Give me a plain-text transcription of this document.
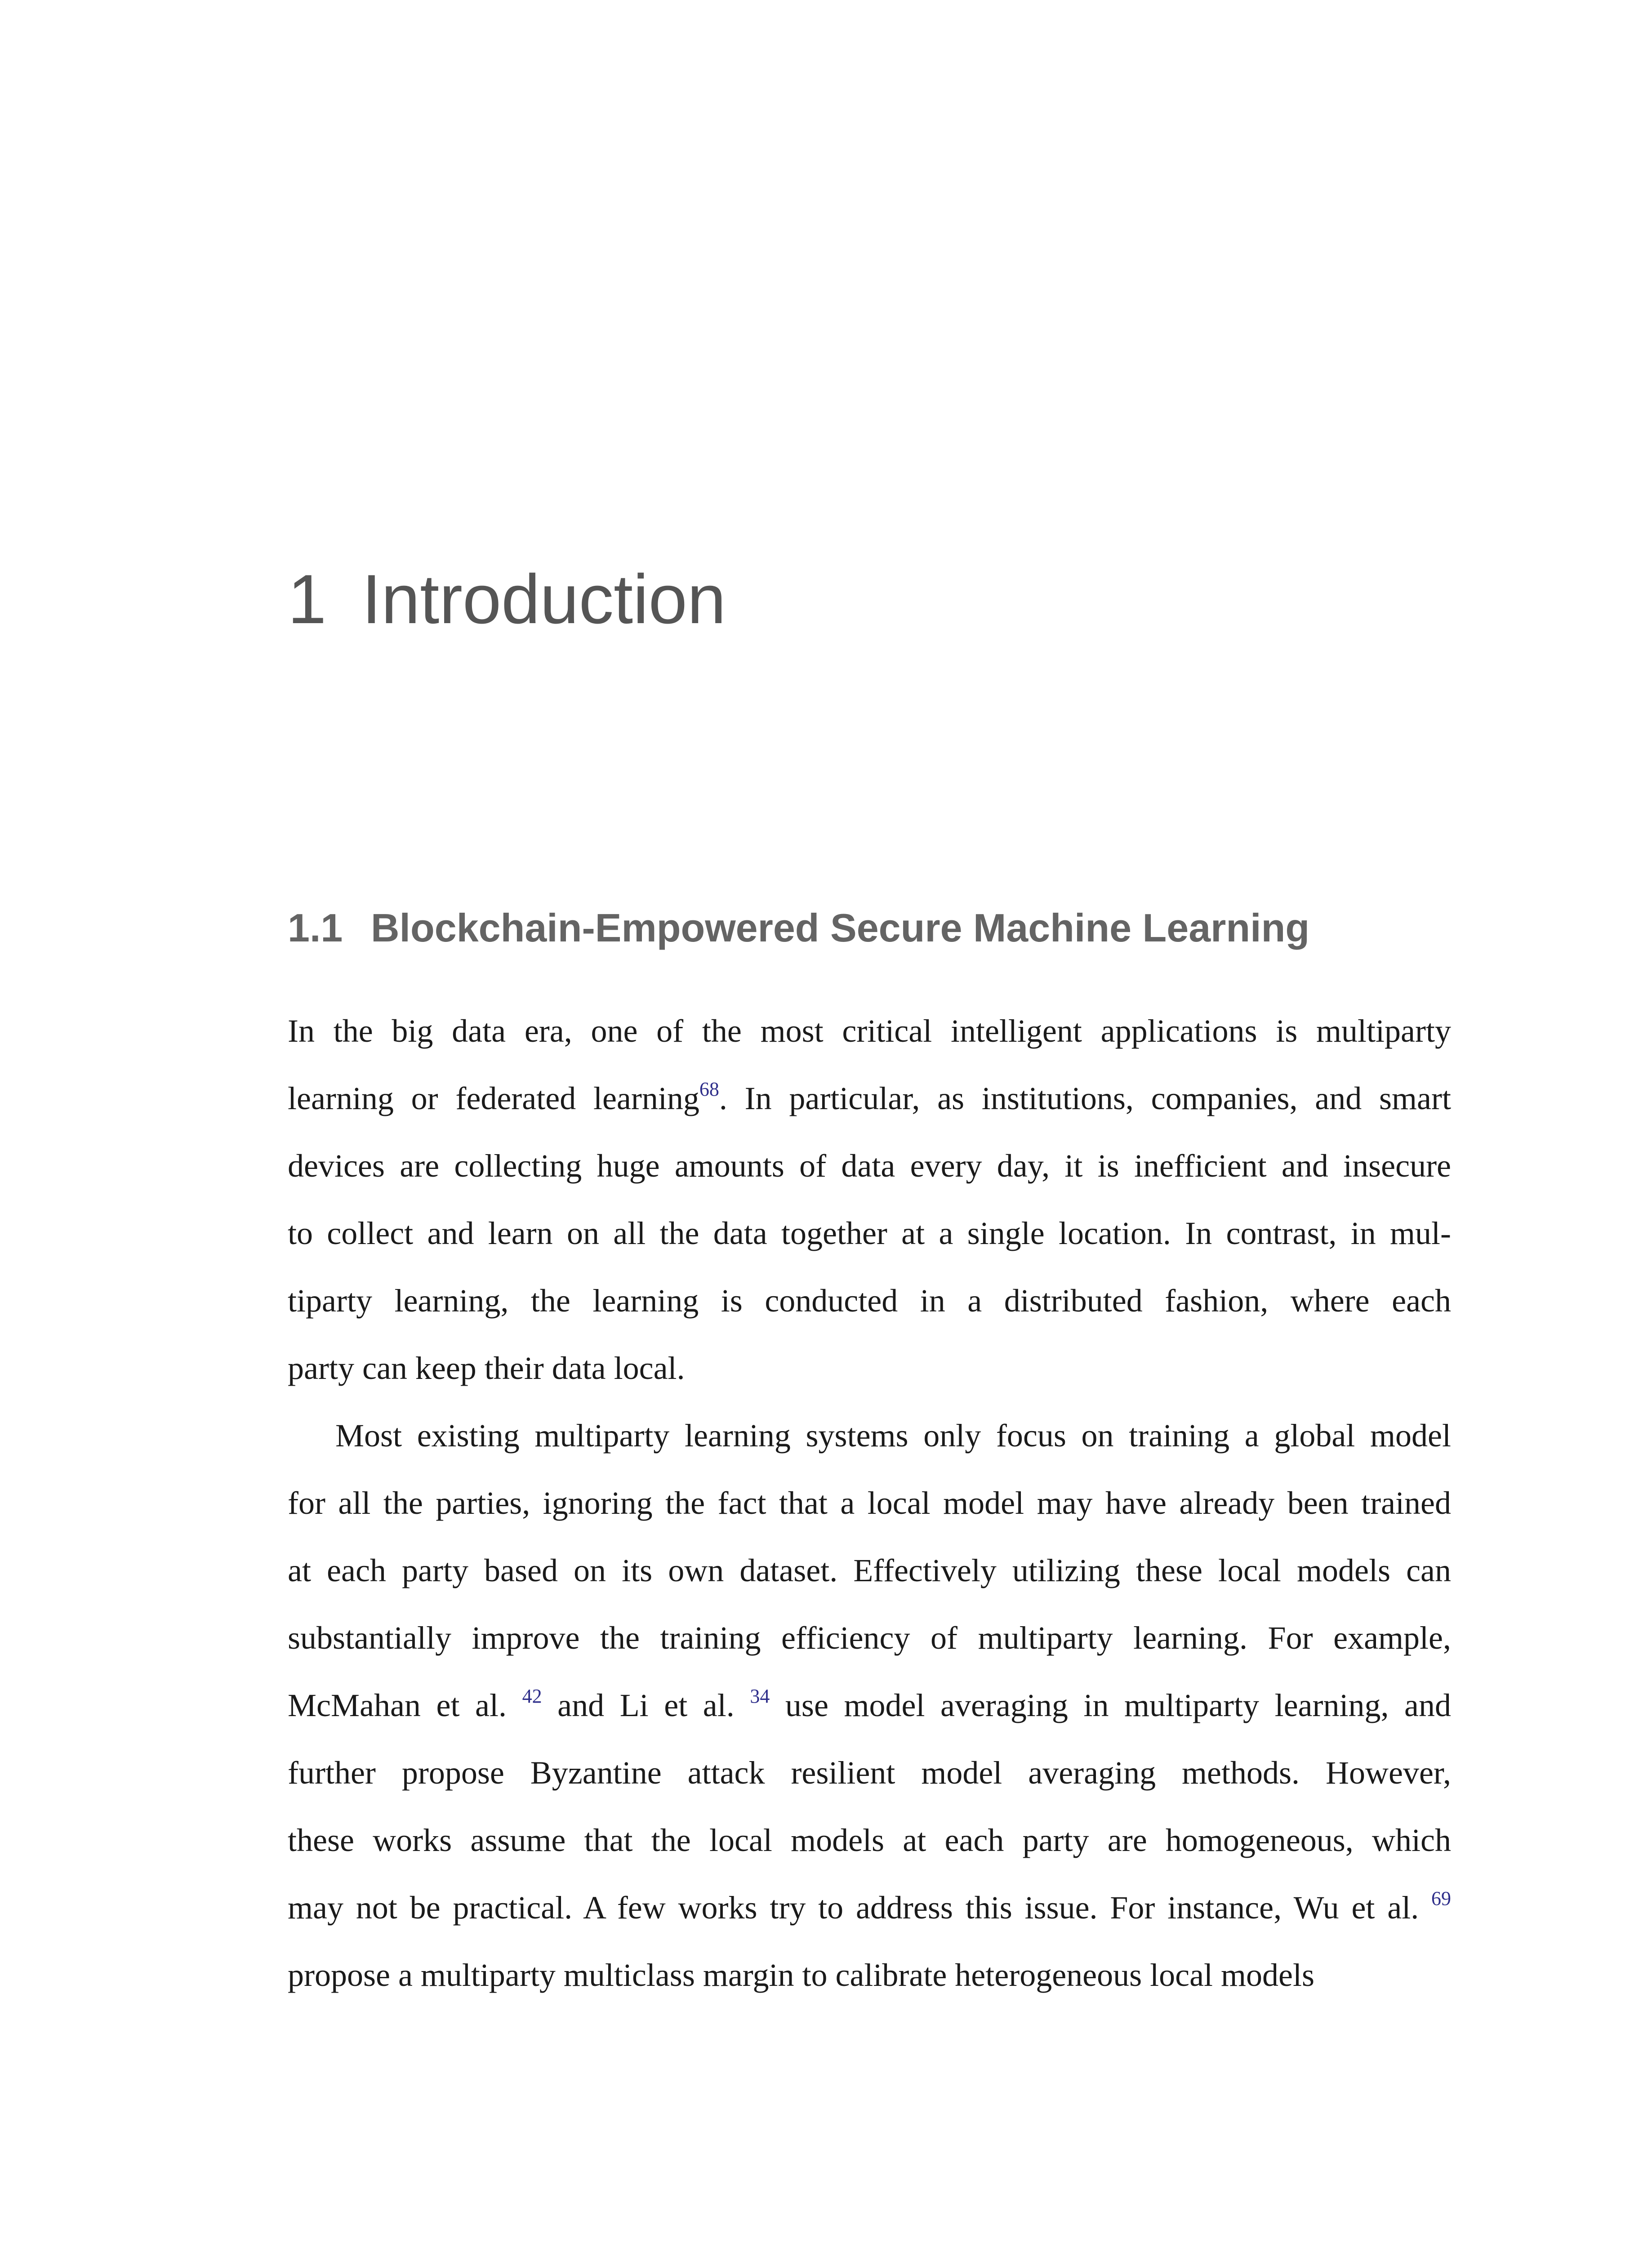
1 Introduction
1.1 Blockchain-Empowered Secure Machine Learning
In the big data era, one of the most critical intelligent applications is multiparty
learning or federated learning$^{68}$. In particular, as institutions, companies, and smart
devices are collecting huge amounts of data every day, it is inefficient and insecure
to collect and learn on all the data together at a single location. In contrast, in mul-
tiparty learning, the learning is conducted in a distributed fashion, where each
party can keep their data local.
Most existing multiparty learning systems only focus on training a global model
for all the parties, ignoring the fact that a local model may have already been trained
at each party based on its own dataset. Effectively utilizing these local models can
substantially improve the training efficiency of multiparty learning. For example,
McMahan et al. $^{42}$ and Li et al. $^{34}$ use model averaging in multiparty learning, and
further propose Byzantine attack resilient model averaging methods. However,
these works assume that the local models at each party are homogeneous, which
may not be practical. A few works try to address this issue. For instance, Wu et al. $^{69}$
propose a multiparty multiclass margin to calibrate heterogeneous local models
